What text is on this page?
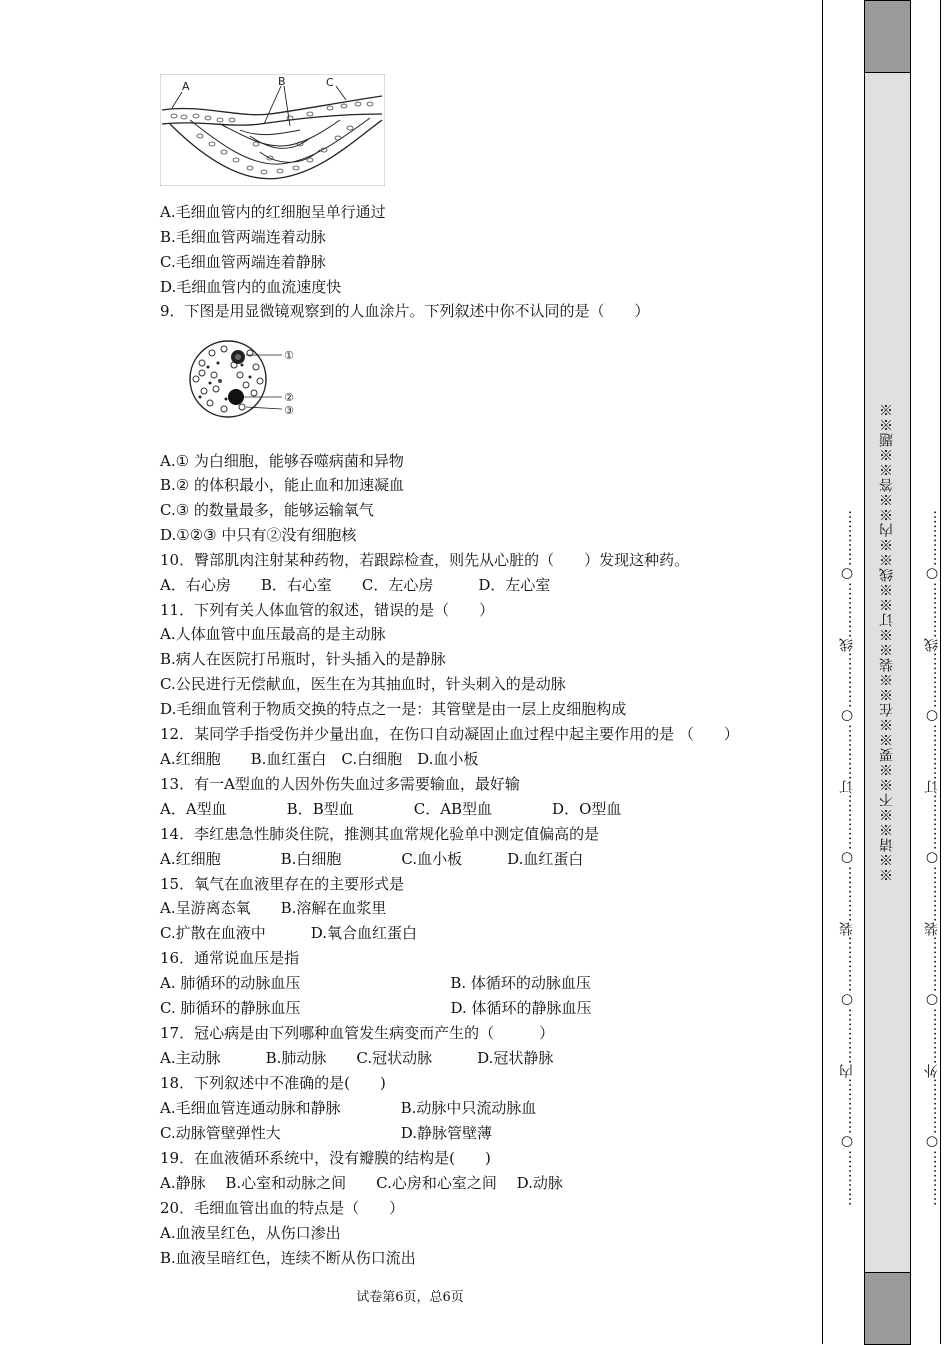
A	B	C
A.毛细血管内的红细胞呈单行通过
B.毛细血管两端连着动脉
C.毛细血管两端连着静脉
D.毛细血管内的血流速度快
9．下图是用显微镜观察到的人血涂片。下列叙述中你不认同的是（　　）
①
②
③
A.① 为白细胞，能够吞噬病菌和异物
B.② 的体积最小，能止血和加速凝血
C.③ 的数量最多，能够运输氧气
D.①②③ 中只有②没有细胞核
10．臀部肌肉注射某种药物，若跟踪检查，则先从心脏的（　　）发现这种药。
A．右心房　　B．右心室　　C．左心房　　　D．左心室
11．下列有关人体血管的叙述，错误的是（　　）
A.人体血管中血压最高的是主动脉
B.病人在医院打吊瓶时，针头插入的是静脉
C.公民进行无偿献血，医生在为其抽血时，针头刺入的是动脉
D.毛细血管利于物质交换的特点之一是：其管壁是由一层上皮细胞构成
12．某同学手指受伤并少量出血，在伤口自动凝固止血过程中起主要作用的是 （　　）
A.红细胞　　B.血红蛋白　C.白细胞　D.血小板
13．有一A型血的人因外伤失血过多需要输血，最好输
A．A型血　　　　B．B型血　　　　C．AB型血　　　　D．O型血
14．李红患急性肺炎住院，推测其血常规化验单中测定值偏高的是
A.红细胞　　　　B.白细胞　　　　C.血小板　　　D.血红蛋白
15．氧气在血液里存在的主要形式是
A.呈游离态氧　　B.溶解在血浆里
C.扩散在血液中　　　D.氧合血红蛋白
16．通常说血压是指
A. 肺循环的动脉血压　　　　　　　　　　B. 体循环的动脉血压
C. 肺循环的静脉血压　　　　　　　　　　D. 体循环的静脉血压
17．冠心病是由下列哪种血管发生病变而产生的（　　　）
A.主动脉　　　B.肺动脉　　C.冠状动脉　　　D.冠状静脉
18．下列叙述中不准确的是(　　)
A.毛细血管连通动脉和静脉　　　　B.动脉中只流动脉血
C.动脉管壁弹性大　　　　　　　　D.静脉管壁薄
19．在血液循环系统中，没有瓣膜的结构是(　　)
A.静脉　 B.心室和动脉之间　　C.心房和心室之间　 D.动脉
20．毛细血管出血的特点是（　　）
A.血液呈红色，从伤口渗出
B.血液呈暗红色，连续不断从伤口流出
试卷第6页，总6页
※※请※※不※※要※※在※※装※※订※※线※※内※※答※※题※※
…………○…………内…………○…………装…………○…………订…………○…………线…………○…………	…………○…………外…………○…………装…………○…………订…………○…………线…………○…………
